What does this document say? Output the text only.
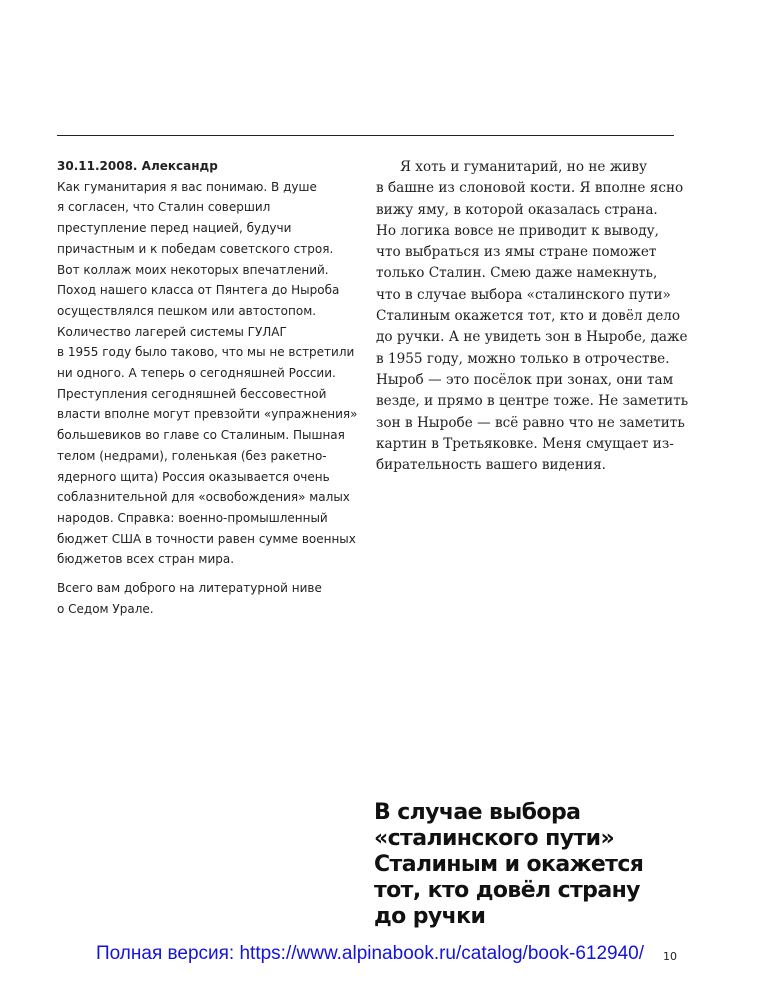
30.11.2008. Александр

Как гуманитария я вас понимаю. В душе
я согласен, что Сталин совершил
преступление перед нацией, будучи
причастным и к победам советского строя.
Вот коллаж моих некоторых впечатлений.
Поход нашего класса от Пянтега до Ныроба
осуществлялся пешком или автостопом.
Количество лагерей системы ГУЛАГ
в 1955 году было таково, что мы не встретили
ни одного. А теперь о сегодняшней России.
Преступления сегодняшней бессовестной
власти вполне могут превзойти «упражнения»
большевиков во главе со Сталиным. Пышная
телом (недрами), голенькая (без ракетно-
ядерного щита) Россия оказывается очень
соблазнительной для «освобождения» малых
народов. Справка: военно-промышленный
бюджет США в точности равен сумме военных
бюджетов всех стран мира.

Всего вам доброго на литературной ниве
о Седом Урале.

Я хоть и гуманитарий, но не живу
в башне из слоновой кости. Я вполне ясно
вижу яму, в которой оказалась страна.
Но логика вовсе не приводит к выводу,
что выбраться из ямы стране поможет
только Сталин. Смею даже намекнуть,
что в случае выбора «сталинского пути»
Сталиным окажется тот, кто и довёл дело
до ручки. А не увидеть зон в Ныробе, даже
в 1955 году, можно только в отрочестве.
Ныроб — это посёлок при зонах, они там
везде, и прямо в центре тоже. Не заметить
зон в Ныробе — всё равно что не заметить
картин в Третьяковке. Меня смущает из-
бирательность вашего видения.
В случае выбора
«сталинского пути»
Сталиным и окажется
тот, кто довёл страну
до ручки
Полная версия: https://www.alpinabook.ru/catalog/book-612940/ 10
